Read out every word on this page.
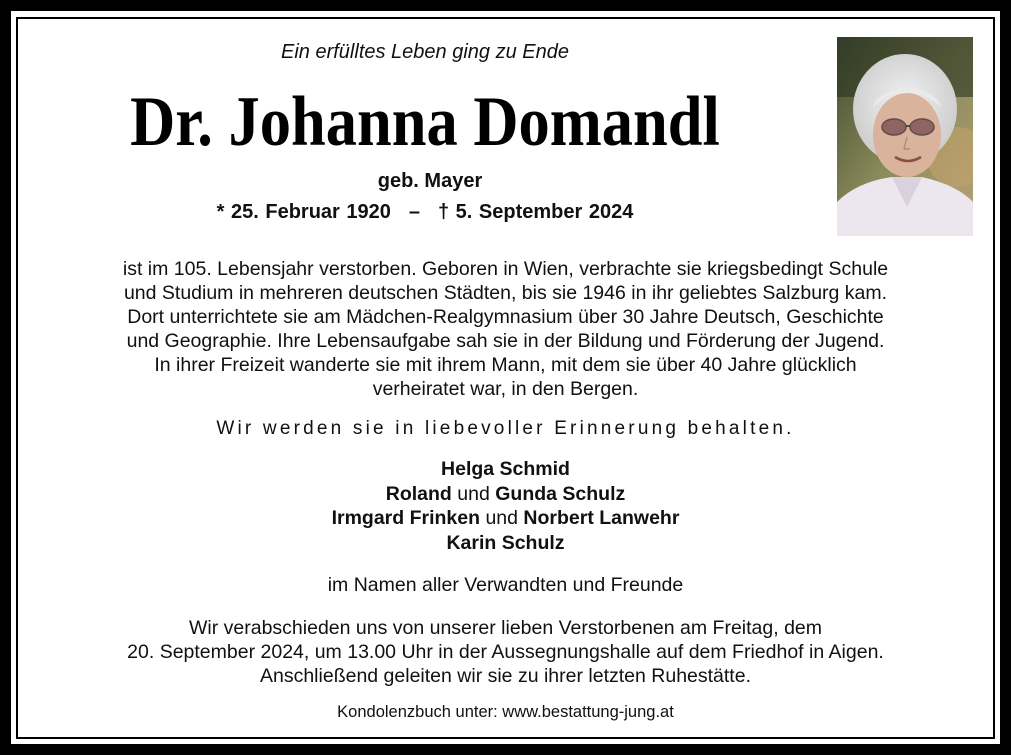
Ein erfülltes Leben ging zu Ende
Dr. Johanna Domandl
geb. Mayer
* 25. Februar 1920 – † 5. September 2024
ist im 105. Lebensjahr verstorben. Geboren in Wien, verbrachte sie kriegsbedingt Schule
und Studium in mehreren deutschen Städten, bis sie 1946 in ihr geliebtes Salzburg kam.
Dort unterrichtete sie am Mädchen-Realgymnasium über 30 Jahre Deutsch, Geschichte
und Geographie. Ihre Lebensaufgabe sah sie in der Bildung und Förderung der Jugend.
In ihrer Freizeit wanderte sie mit ihrem Mann, mit dem sie über 40 Jahre glücklich
verheiratet war, in den Bergen.
Wir werden sie in liebevoller Erinnerung behalten.
Helga Schmid
Roland und Gunda Schulz
Irmgard Frinken und Norbert Lanwehr
Karin Schulz
im Namen aller Verwandten und Freunde
Wir verabschieden uns von unserer lieben Verstorbenen am Freitag, dem
20. September 2024, um 13.00 Uhr in der Aussegnungshalle auf dem Friedhof in Aigen.
Anschließend geleiten wir sie zu ihrer letzten Ruhestätte.
Kondolenzbuch unter: www.bestattung-jung.at
